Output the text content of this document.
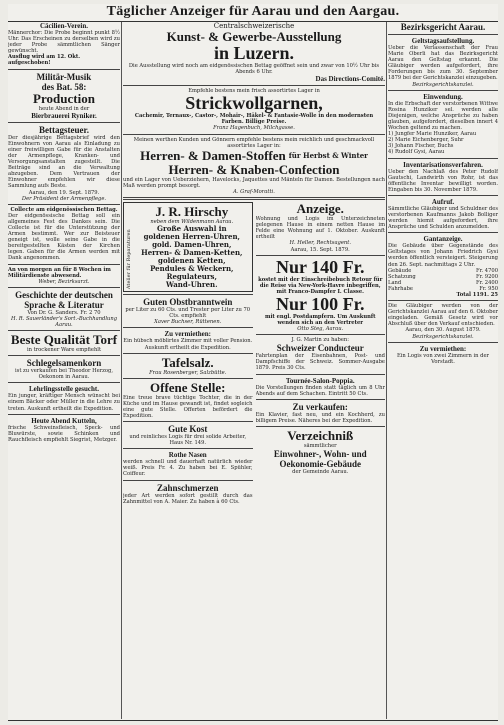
Täglicher Anzeiger für Aarau und den Aargau.
Cäcilien-Verein.

Männerchor: Die Probe beginnt punkt 8½ Uhr. Das Erscheinen zu derselben wird zu jeder Probe sämmtlichen Sänger gewünscht.

Ausflug wird am 12. Okt. aufgeschoben!

Militär-Musik
des Bat. 58:
Production
heute Abend in der
Bierbrauerei Ryniker.
Bettagsteuer.

Der diesjährige Bettagsbrief wird den Einwohnern von Aarau als Einladung zu einer freiwilligen Gabe für die Anstalten der Armenpflege, Kranken- und Versorgungsanstalten zugestellt. Die Beiträge sind an die Verwaltung abzugeben. Dem Vertrauen der Einwohner empfehlen wir diese Sammlung aufs Beste.

Aarau, den 19. Sept. 1879.

Der Präsident der Armenpflege.

Collecte am eidgenössischen Bettag.

Der eidgenössische Bettag soll ein allgemeines Fest des Dankes sein. Die Collecte ist für die Unterstützung der Armen bestimmt. Wer zur Beisteuer geneigt ist, wolle seine Gabe in die bereitgestellten Kästen der Kirchen legen. Gaben für die Armen werden mit Dank angenommen.

An von morgen an für 8 Wochen im Militärdienste abwesend.

Weber, Bezirksarzt.

Geschichte der deutschen Sprache & Literatur

Von Dr. G. Sanders. Fr. 2 70

H. R. Sauerländer's Sort.-Buchhandlung Aarau.

Beste Qualität Torf

in trockener Ware empfiehlt

Schlegelsamenkorn

ist zu verkaufen bei Theodor Herzog, Oekonom in Aarau.

Lehrlingsstelle gesucht.

Ein junger, kräftiger Mensch wünscht bei einem Bäcker oder Müller in die Lehre zu treten. Auskunft ertheilt die Expedition.

Heute Abend Kutteln,

frische Schweinsfleisch, Speck- und Bluwürste, sowie Schinken und Rauchfleisch empfiehlt Siegrist, Metzger.

Centralschweizerische
Kunst- & Gewerbe-Ausstellung
in Luzern.

Die Ausstellung wird noch am eidgenössischen Bettag geöffnet sein und zwar von 10½ Uhr bis Abends 6 Uhr.

Das Directions-Comité.

Empfehle bestens mein frisch assortirtes Lager in

Strickwollgarnen,

Cachemir, Ternaux-, Castor-, Mohair-, Häkel- & Fantasie-Wolle in den modernsten Farben. Billige Preise.

Franz Hagenbuch, Milchgasse.

Meinen werthen Kunden und Gönnern empfehle bestens mein reichlich und geschmackvoll assortirtes Lager in:

Herren- & Damen-Stoffen für Herbst & Winter
Herren- & Knaben-Confection

und ein Lager von Ueberziehern, Havelocks, Jaquettes und Mänteln für Damen. Bestellungen nach Maß werden prompt besorgt.

A. Graf-Moratti.

Atelier für Reparaturen
J. R. Hirschy

neben dem Wildenmann Aarau.

Große Auswahl in
goldenen Herren-Uhren,
gold. Damen-Uhren,
Herren- & Damen-Ketten,
goldenen Ketten,
Pendules & Weckern,
Regulateurs,
Wand-Uhren.
Guten Obstbranntwein

per Liter zu 60 Cts. und Trester per Liter zu 70 Cts. empfiehlt

Xaver Buchser, Rüttenen.

Zu vermiethen:

Ein hübsch möblirtes Zimmer mit voller Pension. Auskunft ertheilt die Expedition.

Tafelsalz.

Frau Rosenberger, Salzbütte.

Offene Stelle:

Eine treue brave tüchtige Tochter, die in der Küche und im Hause gewandt ist, findet sogleich eine gute Stelle. Offerten befördert die Expedition.

Gute Kost

und reinliches Logis für drei solide Arbeiter, Haus Nr. 149.

Rothe Nasen

werden schnell und dauerhaft natürlich wieder weiß. Preis Fr. 4. Zu haben bei E. Spühler, Coiffeur.

Zahnschmerzen

jeder Art werden sofort gestillt durch das Zahnmittel von A. Maier. Zu haben à 60 Cts.

Anzeige.

Wohnung und Logis im Unterzeichneten gelegenen Hause in einem netten Hause im Felde eine Wohnung auf 1. Oktober. Auskunft ertheilt

H. Heller, Rechtsagent.

Aarau, 15. Sept. 1879.

Nur 140 Fr.

kostet mit der Einschreibebuch Retour für die Reise via New-York-Havre inbegriffen, mit Franco-Dampfer I. Classe.

Nur 100 Fr.

mit engl. Postdampfern. Um Auskunft wenden sich an den Vertreter

Otto Steg, Aarau.

J. G. Martin zu haben:

Schweizer Conducteur

Fahrtenplan der Eisenbahnen, Post- und Dampfschiffe der Schweiz. Sommer-Ausgabe 1879. Preis 30 Cts.

Tournée-Salon-Poppia.

Die Vorstellungen finden statt täglich um 8 Uhr Abends auf dem Schachen. Eintritt 50 Cts.

Zu verkaufen:

Ein Klavier, fast neu, und ein Kochherd, zu billigem Preise. Näheres bei der Expedition.

Verzeichniß

sämmtlicher

Einwohner-, Wohn- und Oekonomie-Gebäude

der Gemeinde Aarau.

Bezirksgericht Aarau.
Geltstagsaufstellung.

Ueber die Verlassenschaft der Frau Marie Oberli hat das Bezirksgericht Aarau den Geltstag erkannt. Die Gläubiger werden aufgefordert, ihre Forderungen bis zum 30. September 1879 bei der Gerichtskanzlei einzugeben.

Bezirksgerichtskanzlei.

Einwendung.

In die Erbschaft der verstorbenen Wittwe Rosina Hunziker sel. werden alle Diejenigen, welche Ansprüche zu haben glauben, aufgefordert, dieselben innert 4 Wochen geltend zu machen.

1) Jungfer Marie Hunziker, Aarau
2) Marie Eichenberger, Suhr
3) Johann Fischer, Buchs
4) Rudolf Gysi, Aarau
Inventarisationsverfahren.

Ueber den Nachlaß des Peter Rudolf Gautschi, Landwirth von Rohr, ist das öffentliche Inventar bewilligt worden. Eingaben bis 30. November 1879.

Aufruf.

Sämmtliche Gläubiger und Schuldner des verstorbenen Kaufmanns Jakob Bolliger werden hiemit aufgefordert, ihre Ansprüche und Schulden anzumelden.

Gantanzeige.

Die Gebäude über Gegenstände des Geltstages von Johann Friedrich Gysi werden öffentlich versteigert. Steigerung den 26. Sept. nachmittags 2 Uhr.

Gebäude	Fr. 4700
Schatzung	Fr. 9200
Land	Fr. 2400
Fahrhabe	Fr. 950

Total 1191. 25

Die Gläubiger werden von der Gerichtskanzlei Aarau auf den 6. Oktober eingeladen. Gemäß Gesetz wird vor Abschluß über den Verkauf entschieden.

Aarau, den 30. August 1879.

Bezirksgerichtskanzlei.

Zu vermiethen:

Ein Logis von zwei Zimmern in der Vorstadt.
